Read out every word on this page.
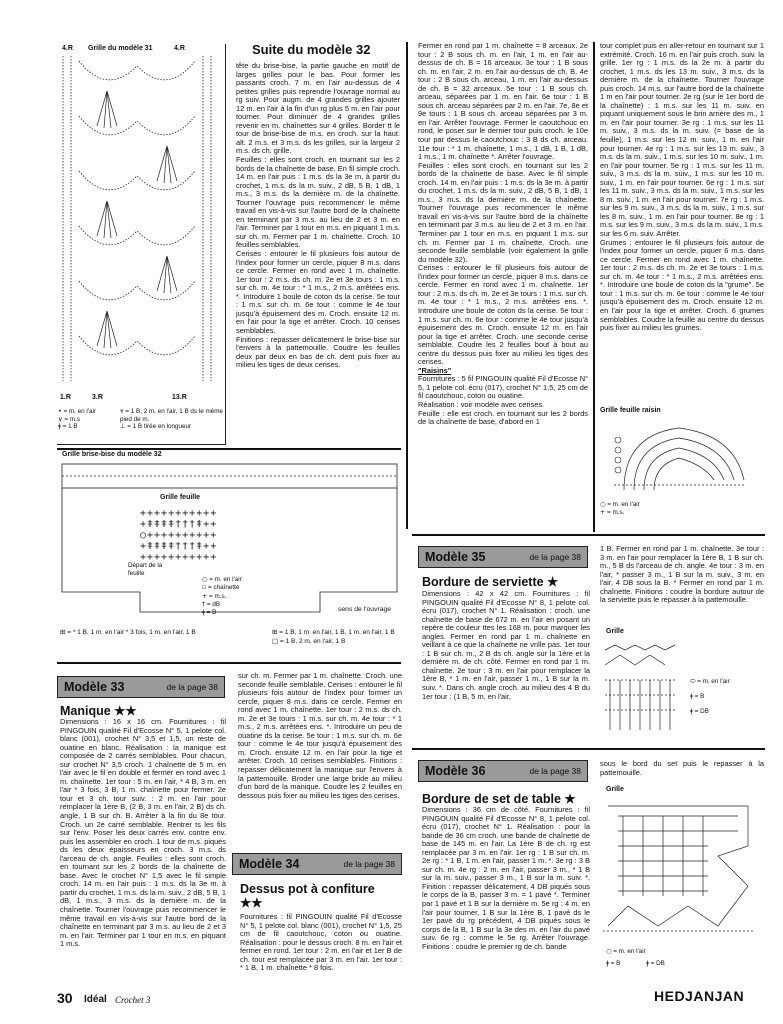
4.R Grille du modèle 31	4.R
1.R	3.R	13.R
• = m. en l'air
∨ = m.s
ǂ = 1 B
⩔ = 1 B, 2 m. en l'air, 1 B ds le même pied de m.
⊥ = 1 B tirée en longueur
Suite du modèle 32

tête du brise-bise, la partie gauche en motif de larges grilles pour le bas. Pour former les passants croch. 7 m. en l'air au-dessus de 4 petites grilles puis reprendre l'ouvrage normal au rg suiv. Pour augm. de 4 grandes grilles ajouter 12 m. en l'air à la fin d'un rg plus 5 m. en l'air pour tourner. Pour diminuer de 4 grandes grilles revenir en m. chaînettes sur 4 grilles. Border tt le tour de brise-bise de m.s. en croch. sur la haut. alt. 2 m.s. et 3 m.s. ds les grilles, sur la largeur 2 m.s. ds ch. grille.

Feuilles : elles sont croch. en tournant sur les 2 bords de la chaînette de base. En fil simple croch. 14 m. en l'air puis : 1 m.s. ds la 3e m. à partir du crochet, 1 m.s. ds la m. suiv., 2 dB, 5 B, 1 dB, 1 m.s., 3 m.s. ds la dernière m. de la chaînette. Tourner l'ouvrage puis recommencer le même travail en vis-à-vis sur l'autre bord de la chaînette en terminant par 3 m.s. au lieu de 2 et 3 m. en l'air. Terminer par 1 tour en m.s. en piquant 1 m.s. sur ch. m. Fermer par 1 m. chaînette. Croch. 10 feuilles semblables.

Cerises : entourer le fil plusieurs fois autour de l'index pour former un cercle, piquer 8 m.s. dans ce cercle. Fermer en rond avec 1 m. chaînette. 1er tour : 2 m.s. ds ch. m. 2e et 3e tours : 1 m.s. sur ch. m. 4e tour : * 1 m.s., 2 m.s. arrêtées ens. *. Introduire 1 boule de coton ds la cerise. 5e tour : 1 m.s. sur ch. m. 6e tour : comme le 4e tour jusqu'à épuisement des m. Croch. ensuite 12 m. en l'air pour la tige et arrêter. Croch. 10 cerises semblables.

Finitions : repasser délicatement le brise-bise sur l'envers à la pattemouille. Coudre les feuilles deux par deux en bas de ch. dent puis fixer au milieu les tiges de deux cerises.

Fermer en rond par 1 m. chaînette = 8 arceaux. 2e tour : 2 B sous ch. m. en l'air, 1 m. en l'air au-dessus de ch. B = 16 arceaux. 3e tour : 1 B sous ch. m. en l'air, 2 m. en l'air au-dessus de ch. B. 4e tour : 2 B sous ch. arceau, 1 m. en l'air au-dessus de ch. B = 32 arceaux. 5e tour : 1 B sous ch. arceau, séparées par 1 m. en l'air. 6e tour : 1 B sous ch. arceau séparées par 2 m. en l'air. 7e, 8e et 9e tours : 1 B sous ch. arceau séparées par 3 m. en l'air. Arrêter l'ouvrage. Fermer le caoutchouc en rond, le poser sur le dernier tour puis croch. le 10e tour par dessus le caoutchouc : 3 B ds ch. arceau. 11e tour : * 1 m. chaînette, 1 m.s., 1 dB, 1 B, 1 dB, 1 m.s., 1 m. chaînette *. Arrêter l'ouvrage.

Feuilles : elles sont croch. en tournant sur les 2 bords de la chaînette de base. Avec le fil simple croch. 14 m. en l'air puis : 1 m.s. ds la 3e m. à partir du crochet, 1 m.s. ds la m. suiv., 2 dB, 5 B, 1 dB, 1 m.s., 3 m.s. ds la dernière m. de la chaînette. Tourner l'ouvrage puis recommencer le même travail en vis-à-vis sur l'autre bord de la chaînette en terminant par 3 m.s. au lieu de 2 et 3 m. en l'air. Terminer par 1 tour en m.s. en piquant 1 m.s. sur ch. m. Fermer par 1 m. chaînette. Croch. une seconde feuille semblable (voir également la grille du modèle 32).

Cerises : entourer le fil plusieurs fois autour de l'index pour former un cercle, piquer 8 m.s. dans ce cercle. Fermer en rond avec 1 m. chaînette. 1er tour : 2 m.s. ds ch. m. 2e et 3e tours : 1 m.s. sur ch. m. 4e tour : * 1 m.s., 2 m.s. arrêtées ens. *. Introduire une boule de coton ds la cerise. 5e tour : 1 m.s. sur ch. m. 6e tour : comme le 4e tour jusqu'à épuisement des m. Croch. ensuite 12 m. en l'air pour la tige et arrêter. Croch. une seconde cerise semblable. Coudre les 2 feuilles bout à bout au centre du dessus puis fixer au milieu les tiges des cerises.

"Raisins"

Fournitures : 5 fil PINGOUIN qualité Fil d'Ecosse N° 5, 1 pelote col. écru (017), crochet N° 1,5, 25 cm de fil caoutchouc, coton ou ouatine.

Réalisation : voir modèle avec cerises.

Feuille : elle est croch. en tournant sur les 2 bords de la chaînette de base, d'abord en 1

tour complet puis en aller-retour en tournant sur 1 extrémité. Croch. 16 m. en l'air puis croch. suiv. la grille. 1er rg : 1 m.s. ds la 2e m. à partir du crochet, 1 m.s. ds les 13 m. suiv., 3 m.s. ds la dernière m. de la chaînette. Tourner l'ouvrage puis croch. 14 m.s. sur l'autre bord de la chaînette 1 m en l'air pour tourner. 2e rg (sur le 1er bord de la chaînette) : 1 m.s. sur les 11 m. suiv. en piquant uniquement sous le brin arrière des m., 1 m. en l'air pour tourner. 3e rg : 1 m.s. sur les 11 m. suiv., 3 m.s. ds la m. suiv. (= base de la feuille), 1 m.s. sur les 12 m. suiv., 1 m. en l'air pour tourner. 4e rg : 1 m.s. sur les 13 m. suiv., 3 m.s. ds la m. suiv., 1 m.s. sur les 10 m. suiv., 1 m. en l'air pour tourner. 5e rg : 1 m.s. sur les 11 m. suiv., 3 m.s. ds la m. suiv., 1 m.s. sur les 10 m. suiv., 1 m. en l'air pour tourner. 6e rg : 1 m.s. sur les 11 m. suiv., 3 m.s. ds la m. suiv., 1 m.s. sur les 8 m. suiv., 1 m. en l'air pour tourner. 7e rg : 1 m.s. sur les 9 m. suiv., 3 m.s. ds la m. suiv., 1 m.s. sur les 8 m. suiv., 1 m. en l'air pour tourner. 8e rg : 1 m.s. sur les 9 m. suiv., 3 m.s. ds la m. suiv., 1 m.s. sur les 6 m. suiv. Arrêter.

Grumes : entourer le fil plusieurs fois autour de l'index pour former un cercle, piquer 6 m.s. dans ce cercle. Fermer en rond avec 1 m. chaînette. 1er tour : 2 m.s. ds ch. m. 2e et 3e tours : 1 m.s. sur ch. m. 4e tour : * 1 m.s., 2 m.s. arrêtées ens. *. Introduire une boule de coton ds la "grume". 5e tour : 1 m.s. sur ch. m. 6e tour : comme le 4e tour jusqu'à épuisement des m. Croch. ensuite 12 m. en l'air pour la tige et arrêter. Croch. 6 grumes semblables. Coudre la feuille au centre du dessus puis fixer au milieu les grumes.

Grille feuille raisin
○ = m. en l'air
+ = m.s.
Grille brise-bise du modèle 32
Grille feuille
+++++++++++
+ǂǂǂǂ†††ǂ++
○++++++++++
+ǂǂǂǂ†††ǂ++
+++++++++++
Départ de la feuille
○ = m. en l'air
▫ = chaînette
+ = m.s.
† = dB
ǂ = B	sens de l'ouvrage
⊞ = * 1 B, 1 m. en l'air * 3 fois, 1 m. en l'air, 1 B	⊞ = 1 B, 1 m. en l'air, 1 B, 1 m. en l'air, 1 B
□ = 1 B, 2 m. en l'air, 1 B
Modèle 33	de la page 38
Manique ★★
Dimensions : 16 x 16 cm. Fournitures : fil PINGOUIN qualité Fil d'Ecosse N° 5, 1 pelote col. blanc (001), crochet N° 3,5 et 1,5, un reste de ouatine en blanc. Réalisation : la manique est composée de 2 carrés semblables. Pour chacun, sur crochet N° 3,5 croch. 1 chaînette de 5 m. en l'air avec le fil en double et fermer en rond avec 1 m. chaînette. 1er tour : 5 m. en l'air, * 4 B, 3 m. en l'air * 3 fois, 3 B, 1 m. chaînette pour fermer. 2e tour et 3 ch. tour suiv. : 2 m. en l'air pour remplacer la 1ère B, (2 B, 3 m. en l'air, 2 B) ds ch. angle, 1 B sur ch. B. Arrêter à la fin du 8e tour. Croch. un 2e carré semblable. Rentrer ts les fils sur l'env. Poser les deux carrés env. contre env. puis les assembler en croch. 1 tour de m.s. piqués ds les deux épaisseurs en croch. 3 m.s. ds l'arceau de ch. angle. Feuilles : elles sont croch. en tournant sur les 2 bords de la chaînette de base. Avec le crochet N° 1,5 avec le fil simple croch. 14 m. en l'air puis : 1 m.s. ds la 3e m. à partir du crochet, 1 m.s. ds la m. suiv., 2 dB, 5 B, 1 dB, 1 m.s., 3 m.s. ds la dernière m. de la chaînette. Tourner l'ouvrage puis recommencer le même travail en vis-à-vis sur l'autre bord de la chaînette en terminant par 3 m.s. au lieu de 2 et 3 m. en l'air. Terminer par 1 tour en m.s. en piquant 1 m.s.
sur ch. m. Fermer par 1 m. chaînette. Croch. une seconde feuille semblable. Cerises : entourer le fil plusieurs fois autour de l'index pour former un cercle, piquer 8 m.s. dans ce cercle. Fermer en rond avec 1 m. chaînette. 1er tour : 2 m.s. ds ch. m. 2e et 3e tours : 1 m.s. sur ch. m. 4e tour : * 1 m.s., 2 m.s. arrêtées ens. *. Introduire un peu de ouatine ds la cerise. 5e tour : 1 m.s. sur ch. m. 6e tour : comme le 4e tour jusqu'à épuisement des m. Croch. ensuite 12 m. en l'air pour la tige et arrêter. Croch. 10 cerises semblables. Finitions : repasser délicatement la manique sur l'envers à la pattemouille. Broder une large bride au milieu d'un bord de la manique. Coudre les 2 feuilles en dessous puis fixer au milieu les tiges des cerises.
Modèle 34	de la page 38
Dessus pot à confiture ★★
Fournitures : fil PINGOUIN qualité Fil d'Ecosse N° 5, 1 pelote col. blanc (001), crochet N° 1,5, 25 cm de fil caoutchouc, coton ou ouatine. Réalisation : pour le dessus croch. 8 m. en l'air et fermer en rond. 1er tour : 2 m. en l'air et 1er B de ch. tour est remplacée par 3 m. en l'air. 1er tour : * 1 B, 1 m. chaînette * 8 fois.
Modèle 35	de la page 38
Bordure de serviette ★
Dimensions : 42 x 42 cm. Fournitures : fil PINGOUIN qualité Fil d'Ecosse N° 8, 1 pelote col. écru (017), crochet N° 1. Réalisation : croch. une chaînette de base de 672 m. en l'air en posant un repère de couleur ttes les 168 m. pour marquer les angles. Fermer en rond par 1 m. chaînette en veillant à ce que la chaînette ne vrille pas. 1er tour : 1 B sur ch. m., 2 B ds ch. angle sur la 1ère et la dernière m. de ch. côté. Fermer en rond par 1 m. chaînette. 2e tour : 3 m. en l'air pour remplacer la 1ère B, * 1 m. en l'air, passer 1 m., 1 B sur la m. suiv. *. Dans ch. angle croch. au milieu des 4 B du 1er tour : (1 B, 5 m. en l'air,
1 B. Fermer en rond par 1 m. chaînette. 3e tour : 3 m. en l'air pour remplacer la 1ère B, 1 B sur ch. m., 5 B ds l'arceau de ch. angle. 4e tour : 3 m. en l'air, * passer 3 m., 1 B sur la m. suiv., 3 m. en l'air, 4 DB sous la B. * Fermer en rond par 1 m. chaînette. Finitions : coudre la bordure autour de la serviette puis le repasser à la pattemouille.
Grille
⬭ = m. en l'air
ǂ = B
ǂ = DB
Modèle 36	de la page 38
Bordure de set de table ★
Dimensions : 36 cm de côté. Fournitures : fil PINGOUIN qualité Fil d'Ecosse N° 8, 1 pelote col. écru (017), crochet N° 1. Réalisation : pour la bande de 36 cm croch. une bande de chaînette de base de 145 m. en l'air. La 1ère B de ch. rg est remplacée par 3 m. en l'air. 1er rg : 1 B sur ch. m. 2e rg : * 1 B, 1 m. en l'air, passer 1 m. *. 3e rg : 3 B sur ch. m. 4e rg : 2 m. en l'air, passer 3 m., * 1 B sur la m. suiv., passer 3 m., 1 B sur la m. suiv. *. Finition : repasser délicatement, 4 DB piqués sous le corps de la B, passer 3 m. = 1 pavé *. Terminer par 1 pavé et 1 B sur la dernière m. 5e rg : 4 m. en l'air pour tourner, 1 B sur la 1ère B, 1 pavé ds le 1er pavé du rg précédent, 4 DB piqués sous le corps de la B, 1 B sur la 3e des m. en l'air du pavé suiv. 6e rg : comme le 5e rg. Arrêter l'ouvrage. Finitions : coudre le premier rg de ch. bande
sous le bord du set puis le repasser à la pattemouille.
Grille
○ = m. en l'air
ǂ = B	ǂ = DB
30 Idéal Crochet 3	HEDJANJAN
